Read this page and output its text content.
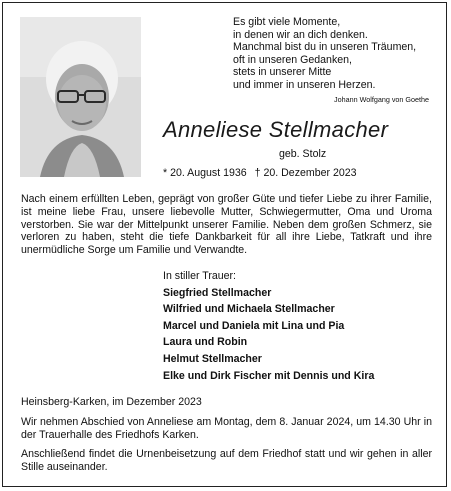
Es gibt viele Momente,
in denen wir an dich denken.
Manchmal bist du in unseren Träumen,
oft in unseren Gedanken,
stets in unserer Mitte
und immer in unseren Herzen.
Johann Wolfgang von Goethe
Anneliese Stellmacher
geb. Stolz
* 20. August 1936 † 20. Dezember 2023
Nach einem erfüllten Leben, geprägt von großer Güte und tiefer Liebe zu ihrer Familie, ist meine liebe Frau, unsere liebevolle Mutter, Schwiegermutter, Oma und Uroma verstorben. Sie war der Mittelpunkt unserer Familie. Neben dem großen Schmerz, sie verloren zu haben, steht die tiefe Dankbarkeit für all ihre Liebe, Tatkraft und ihre unermüdliche Sorge um Familie und Verwandte.
In stiller Trauer:
Siegfried Stellmacher
Wilfried und Michaela Stellmacher
Marcel und Daniela mit Lina und Pia
Laura und Robin
Helmut Stellmacher
Elke und Dirk Fischer mit Dennis und Kira
Heinsberg-Karken, im Dezember 2023
Wir nehmen Abschied von Anneliese am Montag, dem 8. Januar 2024, um 14.30 Uhr in der Trauerhalle des Friedhofs Karken.
Anschließend findet die Urnenbeisetzung auf dem Friedhof statt und wir gehen in aller Stille auseinander.
